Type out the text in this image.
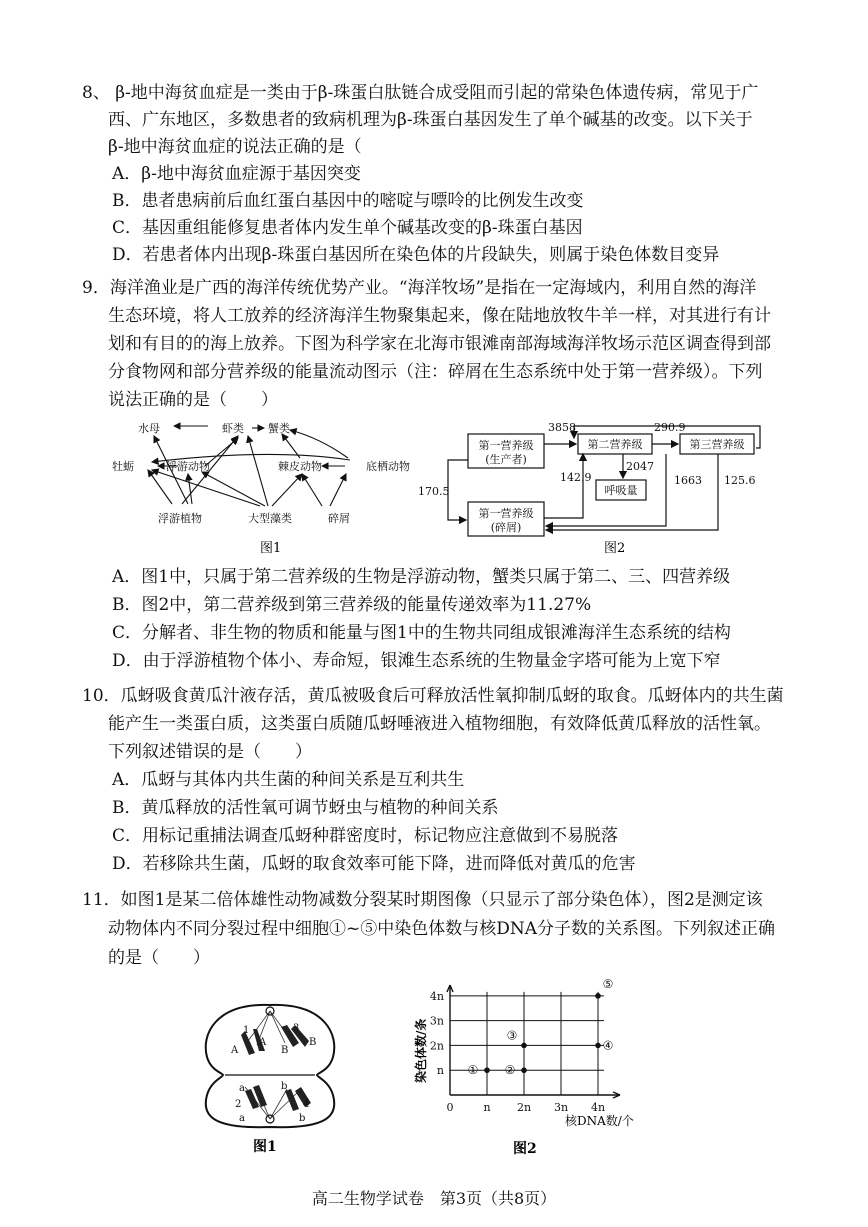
8、 β-地中海贫血症是一类由于β-珠蛋白肽链合成受阻而引起的常染色体遗传病，常见于广
西、广东地区，多数患者的致病机理为β-珠蛋白基因发生了单个碱基的改变。以下关于
β-地中海贫血症的说法正确的是（
A．β-地中海贫血症源于基因突变
B．患者患病前后血红蛋白基因中的嘧啶与嘌呤的比例发生改变
C．基因重组能修复患者体内发生单个碱基改变的β-珠蛋白基因
D．若患者体内出现β-珠蛋白基因所在染色体的片段缺失，则属于染色体数目变异
9．海洋渔业是广西的海洋传统优势产业。“海洋牧场”是指在一定海域内，利用自然的海洋
生态环境，将人工放养的经济海洋生物聚集起来，像在陆地放牧牛羊一样，对其进行有计
划和有目的的海上放养。下图为科学家在北海市银滩南部海域海洋牧场示范区调查得到部
分食物网和部分营养级的能量流动图示（注：碎屑在生态系统中处于第一营养级）。下列
说法正确的是（　　）
水母	虾类 蟹类
牡蛎	浮游动物	棘皮动物	底栖动物
浮游植物	大型藻类	碎屑
图1
第一营养级
(生产者)
第二营养级	第三营养级
第一营养级
(碎屑)
呼吸量
3858	290.9
170.5
142.9
2047
1663 125.6
图2
A．图1中，只属于第二营养级的生物是浮游动物，蟹类只属于第二、三、四营养级
B．图2中，第二营养级到第三营养级的能量传递效率为11.27%
C．分解者、非生物的物质和能量与图1中的生物共同组成银滩海洋生态系统的结构
D．由于浮游植物个体小、寿命短，银滩生态系统的生物量金字塔可能为上宽下窄
10．瓜蚜吸食黄瓜汁液存活，黄瓜被吸食后可释放活性氧抑制瓜蚜的取食。瓜蚜体内的共生菌
能产生一类蛋白质，这类蛋白质随瓜蚜唾液进入植物细胞，有效降低黄瓜释放的活性氧。
下列叙述错误的是（　　）
A．瓜蚜与其体内共生菌的种间关系是互利共生
B．黄瓜释放的活性氧可调节蚜虫与植物的种间关系
C．用标记重捕法调查瓜蚜种群密度时，标记物应注意做到不易脱落
D．若移除共生菌，瓜蚜的取食效率可能下降，进而降低对黄瓜的危害
11．如图1是某二倍体雄性动物减数分裂某时期图像（只显示了部分染色体），图2是测定该
动物体内不同分裂过程中细胞①~⑤中染色体数与核DNA分子数的关系图。下列叙述正确
的是（　　）
1	3
A
A
B
B
2	4
a
a
b
b
图1
n
2n
3n
4n
0	n 2n 3n 4n
① ②
③
④
⑤
染色体数/条
核DNA数/个
图2
高二生物学试卷　第3页（共8页）
